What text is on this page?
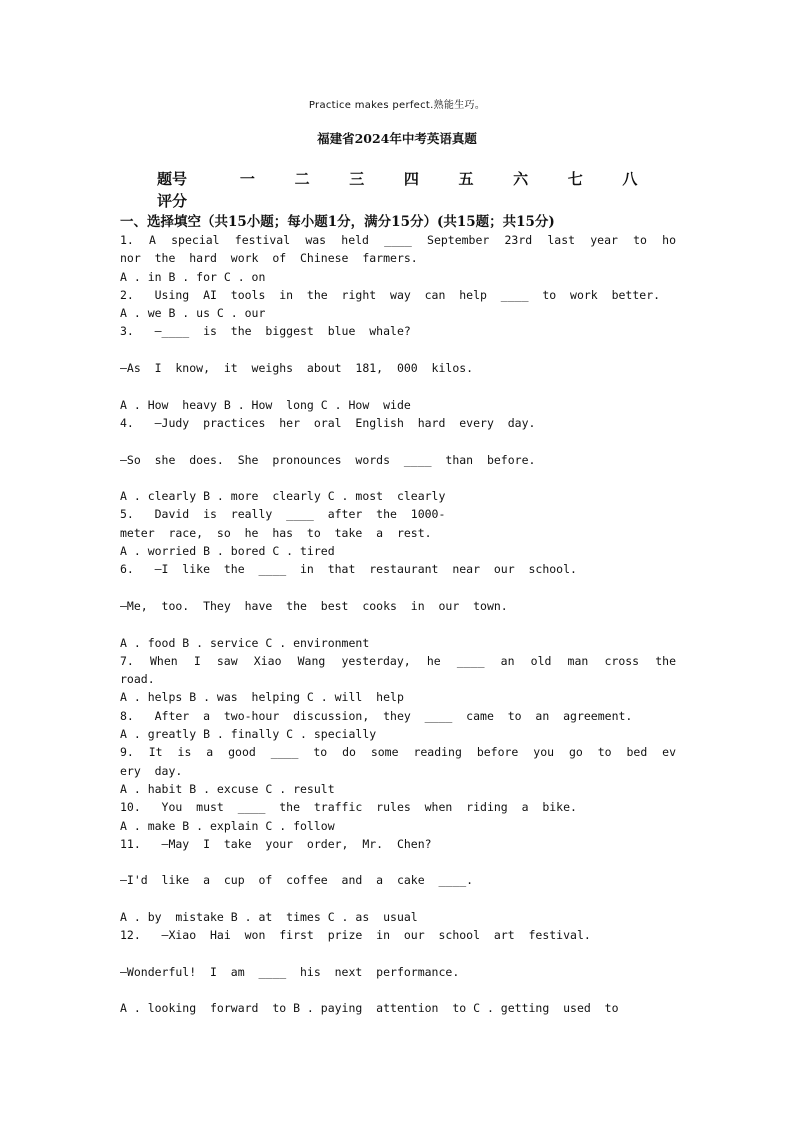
Practice makes perfect.熟能生巧。
福建省2024年中考英语真题
题号	一	二	三	四	五	六	七	八
评分
一、选择填空（共15小题；每小题1分，满分15分）(共15题；共15分)
1. A special festival was held ____ September 23rd last year to ho
nor  the  hard  work  of  Chinese  farmers.
A . in B . for C . on
2.   Using  AI  tools  in  the  right  way  can  help  ____  to  work  better.
A . we B . us C . our
3.   —____  is  the  biggest  blue  whale?
—As  I  know,  it  weighs  about  181,  000  kilos.
A . How  heavy B . How  long C . How  wide
4.   —Judy  practices  her  oral  English  hard  every  day.
—So  she  does.  She  pronounces  words  ____  than  before.
A . clearly B . more  clearly C . most  clearly
5.   David  is  really  ____  after  the  1000-
meter  race,  so  he  has  to  take  a  rest.
A . worried B . bored C . tired
6.   —I  like  the  ____  in  that  restaurant  near  our  school.
—Me,  too.  They  have  the  best  cooks  in  our  town.
A . food B . service C . environment
7. When I saw Xiao Wang yesterday, he ____ an old man cross the
road.
A . helps B . was  helping C . will  help
8.   After  a  two-hour  discussion,  they  ____  came  to  an  agreement.
A . greatly B . finally C . specially
9. It is a good ____ to do some reading before you go to bed ev
ery  day.
A . habit B . excuse C . result
10.   You  must  ____  the  traffic  rules  when  riding  a  bike.
A . make B . explain C . follow
11.   —May  I  take  your  order,  Mr.  Chen?
—I'd  like  a  cup  of  coffee  and  a  cake  ____.
A . by  mistake B . at  times C . as  usual
12.   —Xiao  Hai  won  first  prize  in  our  school  art  festival.
—Wonderful!  I  am  ____  his  next  performance.
A . looking  forward  to B . paying  attention  to C . getting  used  to
